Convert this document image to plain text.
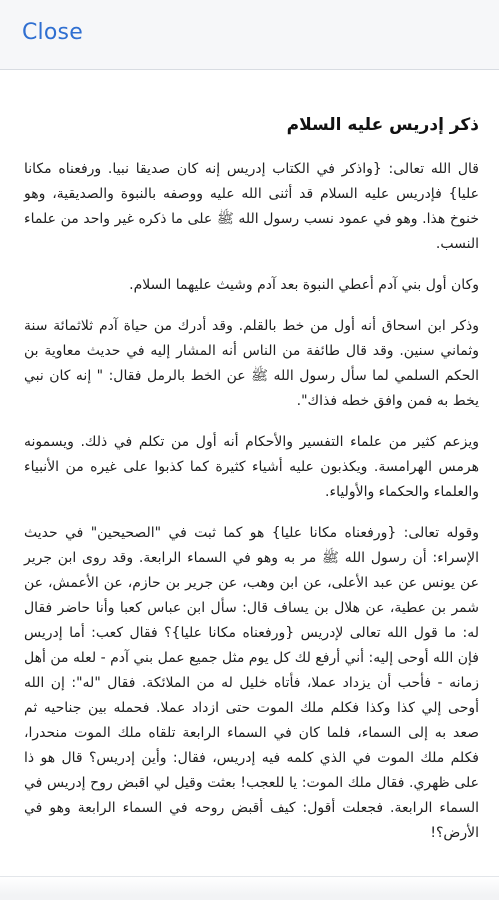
Close
ذكر إدريس عليه السلام

قال الله تعالى: {واذكر في الكتاب إدريس إنه كان صديقا نبيا. ورفعناه مكانا عليا} فإدريس عليه السلام قد أثنى الله عليه ووصفه بالنبوة والصديقية، وهو خنوخ هذا. وهو في عمود نسب رسول الله ﷺ على ما ذكره غير واحد من علماء النسب.

وكان أول بني آدم أعطي النبوة بعد آدم وشيث عليهما السلام.

وذكر ابن اسحاق أنه أول من خط بالقلم. وقد أدرك من حياة آدم ثلاثمائة سنة وثماني سنين. وقد قال طائفة من الناس أنه المشار إليه في حديث معاوية بن الحكم السلمي لما سأل رسول الله ﷺ عن الخط بالرمل فقال: " إنه كان نبي يخط به فمن وافق خطه فذاك".

ويزعم كثير من علماء التفسير والأحكام أنه أول من تكلم في ذلك. ويسمونه هرمس الهرامسة. ويكذبون عليه أشياء كثيرة كما كذبوا على غيره من الأنبياء والعلماء والحكماء والأولياء.

وقوله تعالى: {ورفعناه مكانا عليا} هو كما ثبت في "الصحيحين" في حديث الإسراء: أن رسول الله ﷺ مر به وهو في السماء الرابعة. وقد روى ابن جرير عن يونس عن عبد الأعلى، عن ابن وهب، عن جرير بن حازم، عن الأعمش، عن شمر بن عطية، عن هلال بن يساف قال: سأل ابن عباس كعبا وأنا حاضر فقال له: ما قول الله تعالى لإدريس {ورفعناه مكانا عليا}؟ فقال كعب: أما إدريس فإن الله أوحى إليه: أني أرفع لك كل يوم مثل جميع عمل بني آدم - لعله من أهل زمانه - فأحب أن يزداد عملا، فأتاه خليل له من الملائكة. فقال "له": إن الله أوحى إلي كذا وكذا فكلم ملك الموت حتى ازداد عملا. فحمله بين جناحيه ثم صعد به إلى السماء، فلما كان في السماء الرابعة تلقاه ملك الموت منحدرا، فكلم ملك الموت في الذي كلمه فيه إدريس، فقال: وأين إدريس؟ قال هو ذا على ظهري. فقال ملك الموت: يا للعجب! بعثت وقيل لي اقبض روح إدريس في السماء الرابعة. فجعلت أقول: كيف أقبض روحه في السماء الرابعة وهو في الأرض؟!
